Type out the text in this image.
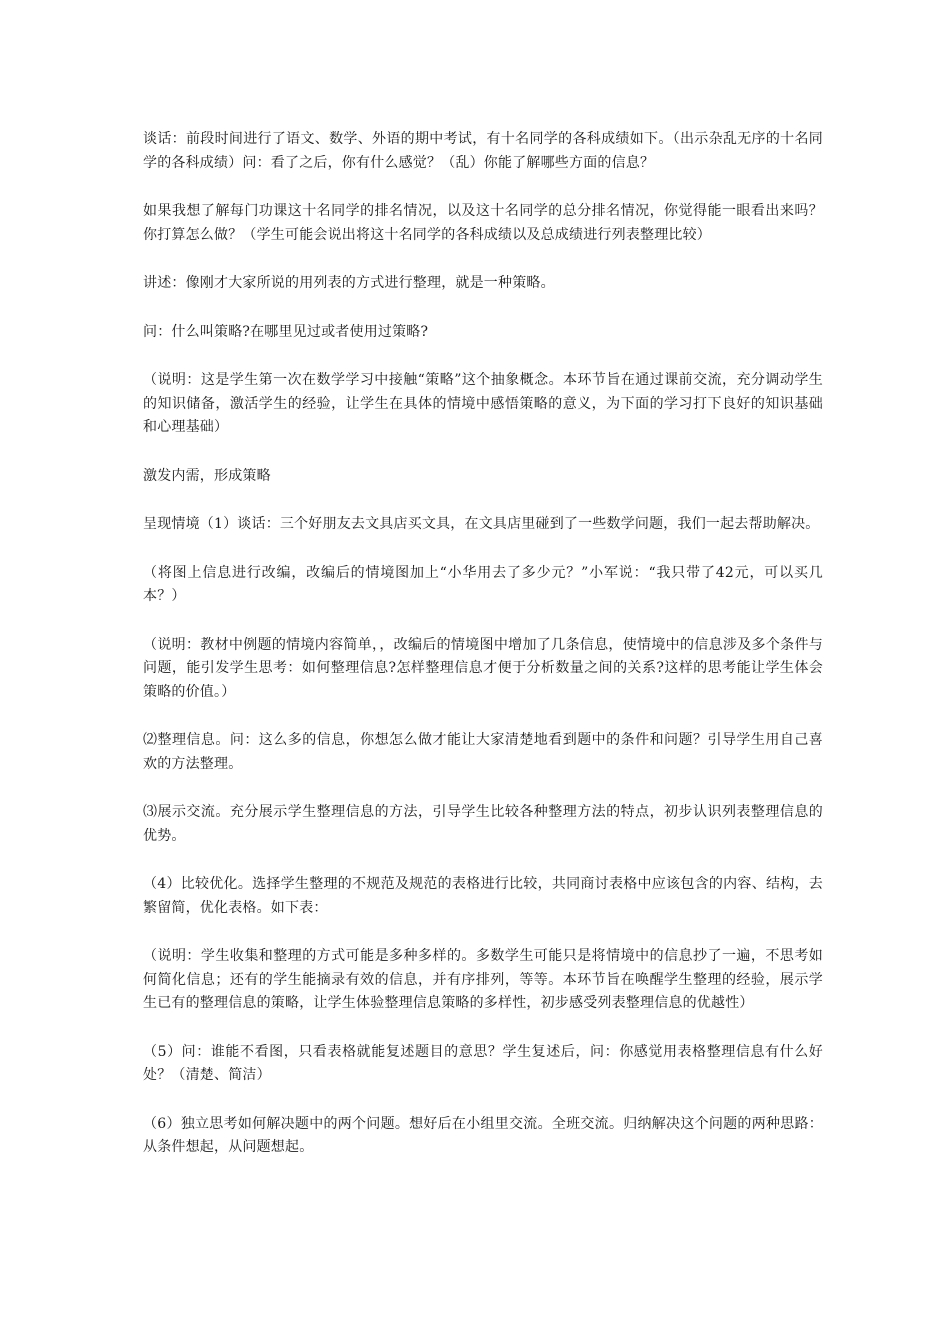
谈话：前段时间进行了语文、数学、外语的期中考试，有十名同学的各科成绩如下。（出示杂乱无序的十名同学的各科成绩）问：看了之后，你有什么感觉？（乱）你能了解哪些方面的信息？

如果我想了解每门功课这十名同学的排名情况，以及这十名同学的总分排名情况，你觉得能一眼看出来吗？你打算怎么做？（学生可能会说出将这十名同学的各科成绩以及总成绩进行列表整理比较）

讲述：像刚才大家所说的用列表的方式进行整理，就是一种策略。

问：什么叫策略?在哪里见过或者使用过策略?

（说明：这是学生第一次在数学学习中接触“策略”这个抽象概念。本环节旨在通过课前交流，充分调动学生的知识储备，激活学生的经验，让学生在具体的情境中感悟策略的意义，为下面的学习打下良好的知识基础和心理基础）

激发内需，形成策略

呈现情境（1）谈话：三个好朋友去文具店买文具，在文具店里碰到了一些数学问题，我们一起去帮助解决。

（将图上信息进行改编，改编后的情境图加上“小华用去了多少元？”小军说：“我只带了42元，可以买几本？）

（说明：教材中例题的情境内容简单，，改编后的情境图中增加了几条信息，使情境中的信息涉及多个条件与问题，能引发学生思考：如何整理信息?怎样整理信息才便于分析数量之间的关系?这样的思考能让学生体会策略的价值。）

⑵整理信息。问：这么多的信息，你想怎么做才能让大家清楚地看到题中的条件和问题？引导学生用自己喜欢的方法整理。

⑶展示交流。充分展示学生整理信息的方法，引导学生比较各种整理方法的特点，初步认识列表整理信息的优势。

（4）比较优化。选择学生整理的不规范及规范的表格进行比较，共同商讨表格中应该包含的内容、结构，去繁留简，优化表格。如下表：

（说明：学生收集和整理的方式可能是多种多样的。多数学生可能只是将情境中的信息抄了一遍，不思考如何简化信息；还有的学生能摘录有效的信息，并有序排列，等等。本环节旨在唤醒学生整理的经验，展示学生已有的整理信息的策略，让学生体验整理信息策略的多样性，初步感受列表整理信息的优越性）

（5）问：谁能不看图，只看表格就能复述题目的意思？学生复述后，问：你感觉用表格整理信息有什么好处？（清楚、简洁）

（6）独立思考如何解决题中的两个问题。想好后在小组里交流。全班交流。归纳解决这个问题的两种思路：从条件想起，从问题想起。
